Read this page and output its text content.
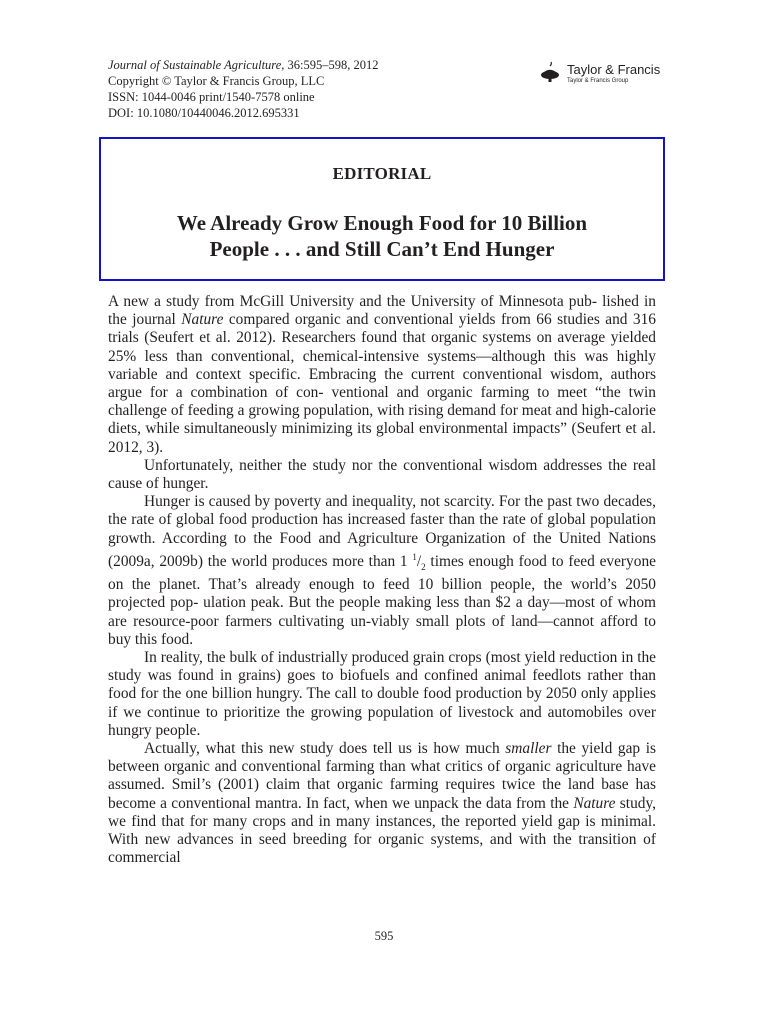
Journal of Sustainable Agriculture, 36:595–598, 2012
Copyright © Taylor & Francis Group, LLC
ISSN: 1044-0046 print/1540-7578 online
DOI: 10.1080/10440046.2012.695331
Taylor & Francis
Taylor & Francis Group
EDITORIAL
We Already Grow Enough Food for 10 Billion
People . . . and Still Can’t End Hunger

A new a study from McGill University and the University of Minnesota pub- lished in the journal Nature compared organic and conventional yields from 66 studies and 316 trials (Seufert et al. 2012). Researchers found that organic systems on average yielded 25% less than conventional, chemical-intensive systems—although this was highly variable and context specific. Embracing the current conventional wisdom, authors argue for a combination of con- ventional and organic farming to meet “the twin challenge of feeding a growing population, with rising demand for meat and high-calorie diets, while simultaneously minimizing its global environmental impacts” (Seufert et al. 2012, 3).

Unfortunately, neither the study nor the conventional wisdom addresses the real cause of hunger.

Hunger is caused by poverty and inequality, not scarcity. For the past two decades, the rate of global food production has increased faster than the rate of global population growth. According to the Food and Agriculture Organization of the United Nations (2009a, 2009b) the world produces more than 1 $^1/_2$ times enough food to feed everyone on the planet. That’s already enough to feed 10 billion people, the world’s 2050 projected pop- ulation peak. But the people making less than $2 a day—most of whom are resource-poor farmers cultivating un-viably small plots of land—cannot afford to buy this food.

In reality, the bulk of industrially produced grain crops (most yield reduction in the study was found in grains) goes to biofuels and confined animal feedlots rather than food for the one billion hungry. The call to double food production by 2050 only applies if we continue to prioritize the growing population of livestock and automobiles over hungry people.

Actually, what this new study does tell us is how much smaller the yield gap is between organic and conventional farming than what critics of organic agriculture have assumed. Smil’s (2001) claim that organic farming requires twice the land base has become a conventional mantra. In fact, when we unpack the data from the Nature study, we find that for many crops and in many instances, the reported yield gap is minimal. With new advances in seed breeding for organic systems, and with the transition of commercial

595
